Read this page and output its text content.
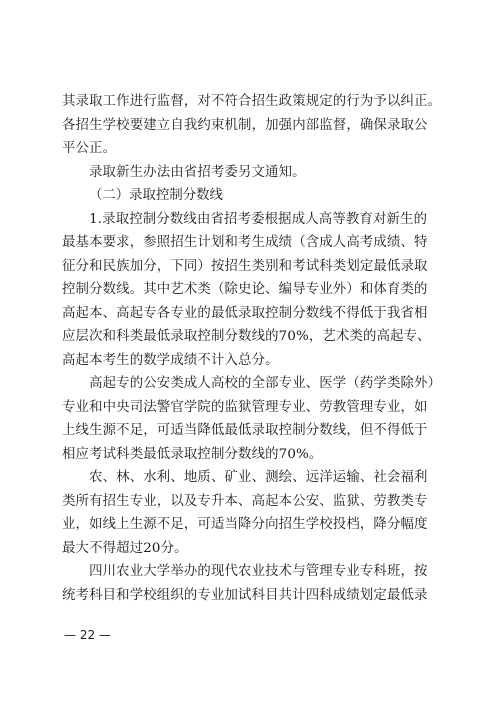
其录取工作进行监督，对不符合招生政策规定的行为予以纠正。
各招生学校要建立自我约束机制，加强内部监督，确保录取公
平公正。

录取新生办法由省招考委另文通知。

（二）录取控制分数线

　　1.录取控制分数线由省招考委根据成人高等教育对新生的
最基本要求，参照招生计划和考生成绩（含成人高考成绩、特
征分和民族加分，下同）按招生类别和考试科类划定最低录取
控制分数线。其中艺术类（除史论、编导专业外）和体育类的
高起本、高起专各专业的最低录取控制分数线不得低于我省相
应层次和科类最低录取控制分数线的70%，艺术类的高起专、
高起本考生的数学成绩不计入总分。

　　高起专的公安类成人高校的全部专业、医学（药学类除外）
专业和中央司法警官学院的监狱管理专业、劳教管理专业，如
上线生源不足，可适当降低最低录取控制分数线，但不得低于
相应考试科类最低录取控制分数线的70%。

　　农、林、水利、地质、矿业、测绘、远洋运输、社会福利
类所有招生专业，以及专升本、高起本公安、监狱、劳教类专
业，如线上生源不足，可适当降分向招生学校投档，降分幅度
最大不得超过20分。

　　四川农业大学举办的现代农业技术与管理专业专科班，按
统考科目和学校组织的专业加试科目共计四科成绩划定最低录

— 22 —
